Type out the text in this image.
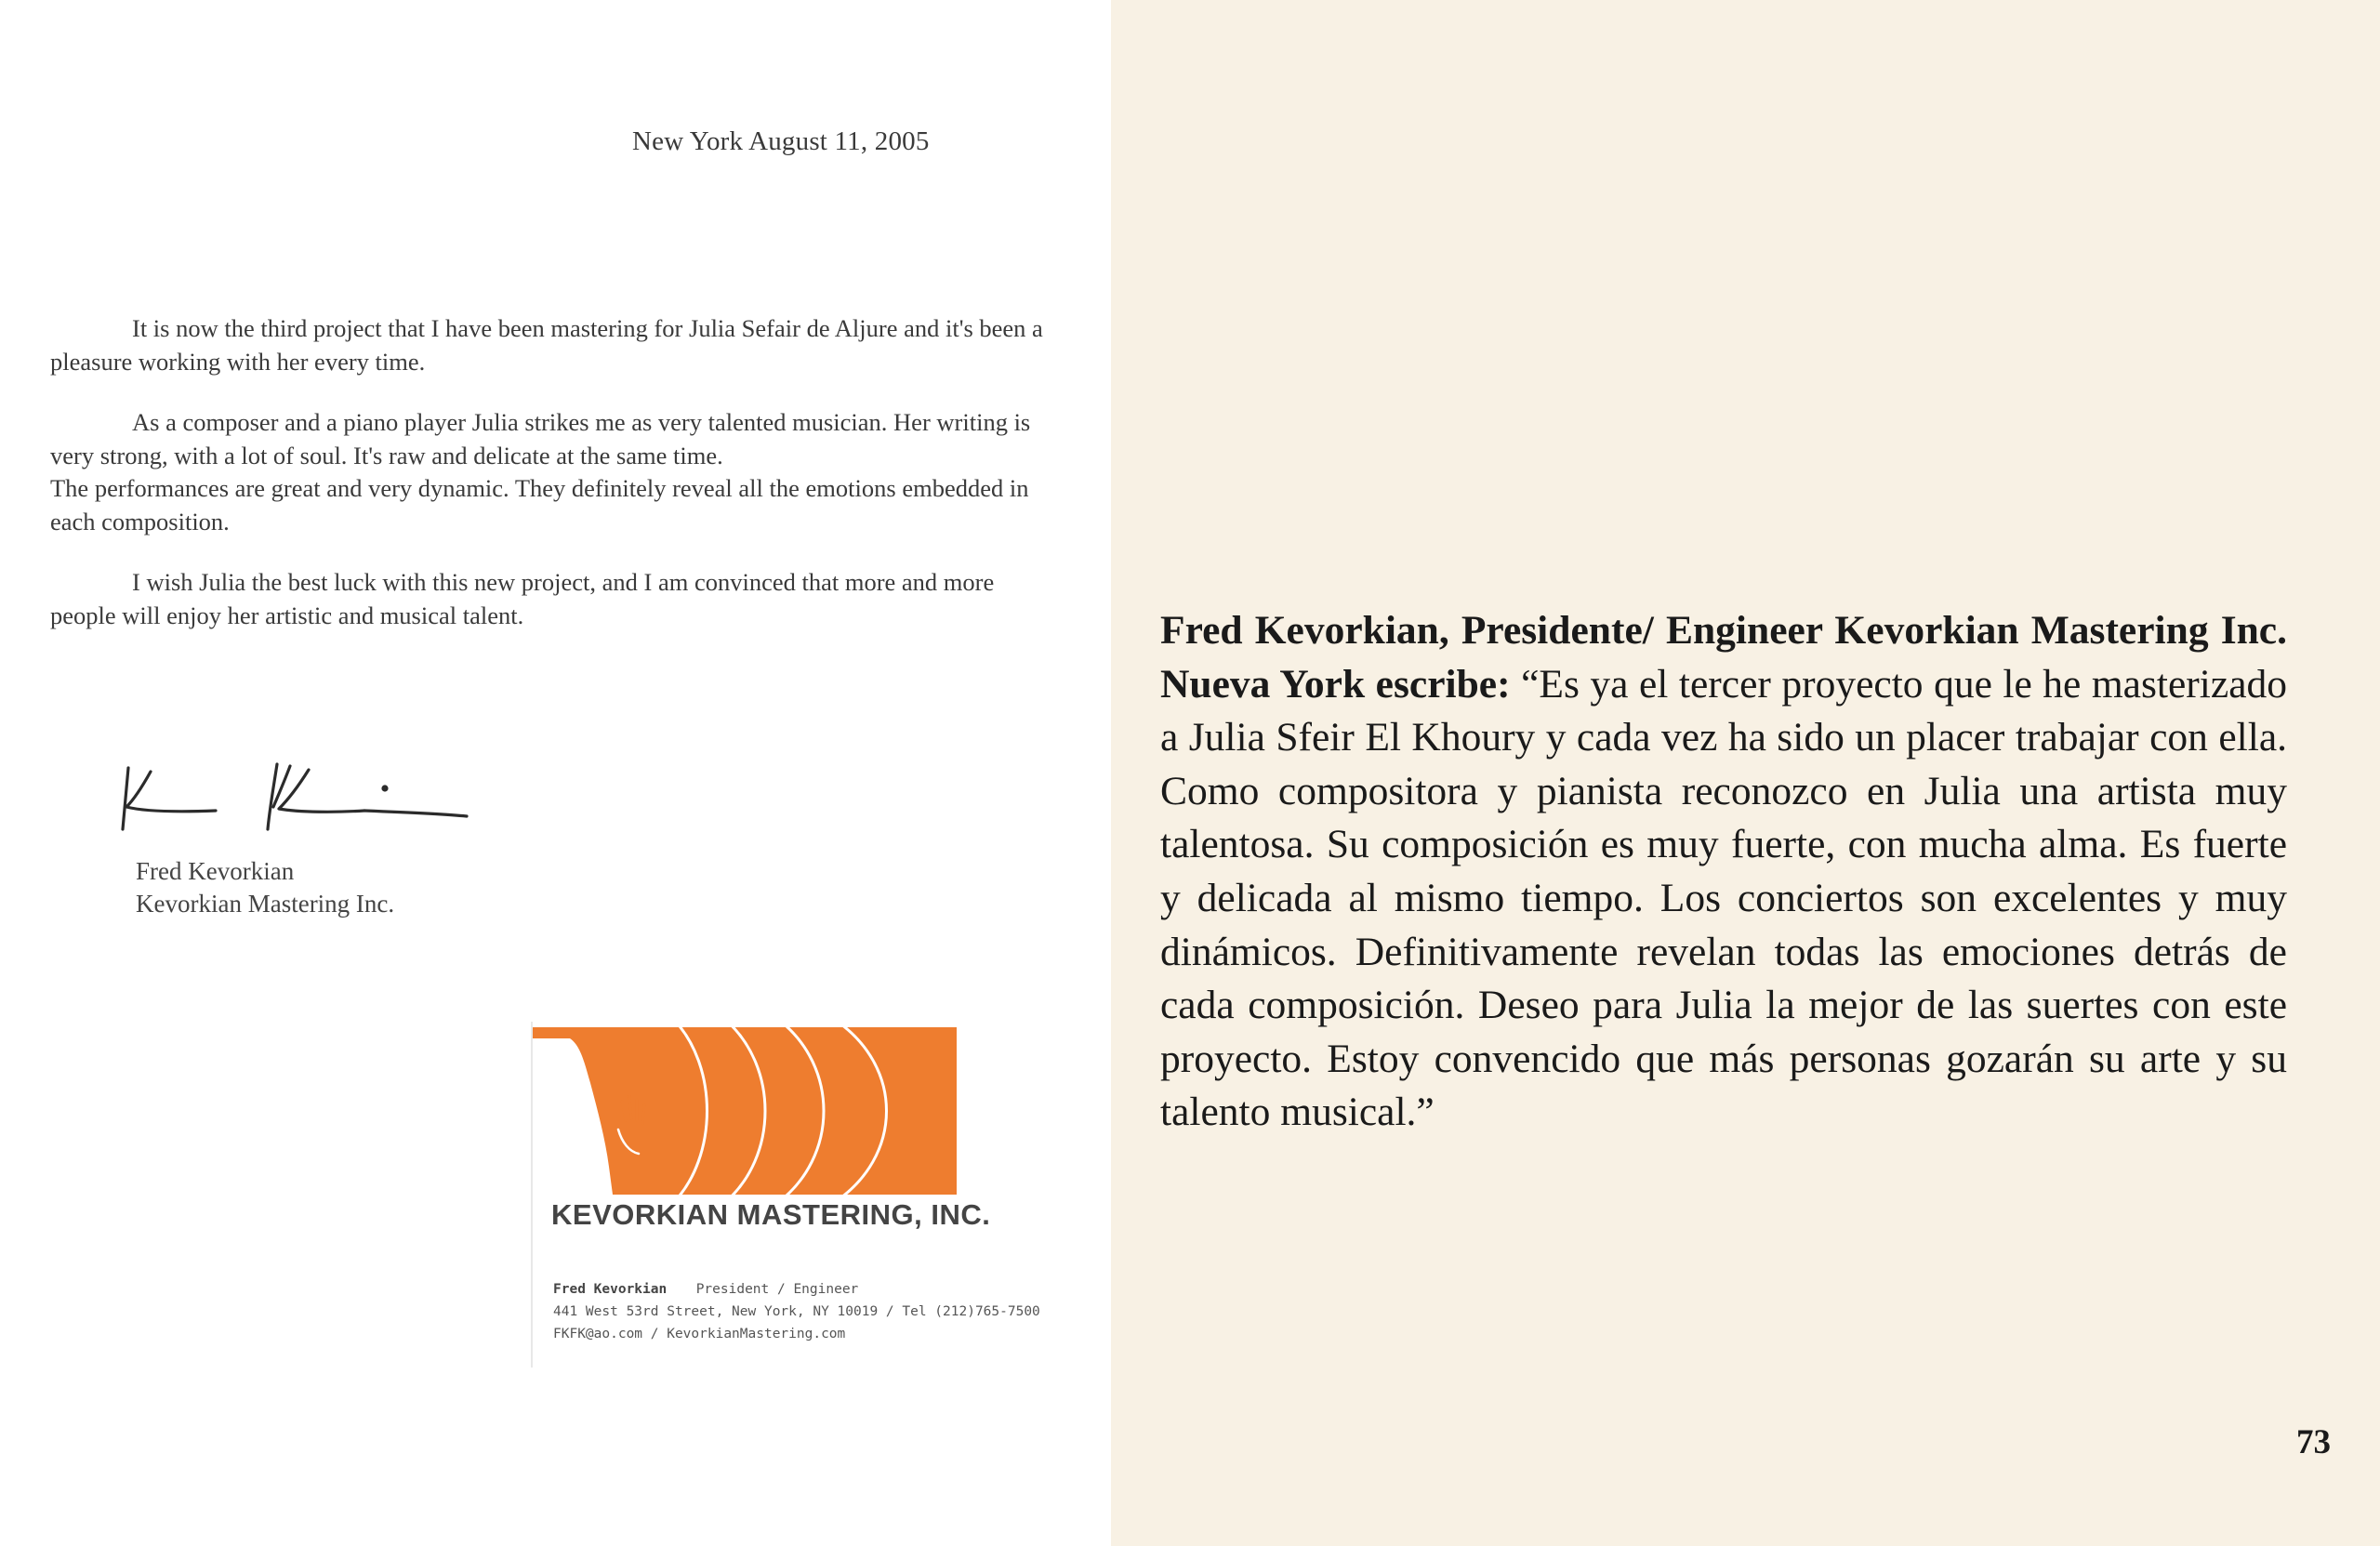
New York August 11, 2005

It is now the third project that I have been mastering for Julia Sefair de Aljure and it's been a pleasure working with her every time.

As a composer and a piano player Julia strikes me as very talented musician. Her writing is very strong, with a lot of soul. It's raw and delicate at the same time.

The performances are great and very dynamic. They definitely reveal all the emotions embedded in each composition.

I wish Julia the best luck with this new project, and I am convinced that more and more people will enjoy her artistic and musical talent.

Fred Kevorkian
Kevorkian Mastering Inc.
KEVORKIAN MASTERING, INC.
Fred Kevorkian President / Engineer
441 West 53rd Street, New York, NY 10019 / Tel (212)765-7500
FKFK@ao.com / KevorkianMastering.com

Fred Kevorkian, Presidente/ Engineer Kevorkian Mastering Inc. Nueva York escribe: “Es ya el tercer proyecto que le he masterizado a Julia Sfeir El Khoury y cada vez ha sido un placer trabajar con ella. Como compositora y pianista reconozco en Julia una artista muy talentosa. Su composición es muy fuerte, con mucha alma. Es fuerte y delicada al mismo tiempo. Los conciertos son excelentes y muy dinámicos. Definitivamente revelan todas las emociones detrás de cada composición. Deseo para Julia la mejor de las suertes con este proyecto. Estoy convencido que más personas gozarán su arte y su talento musical.”

73
